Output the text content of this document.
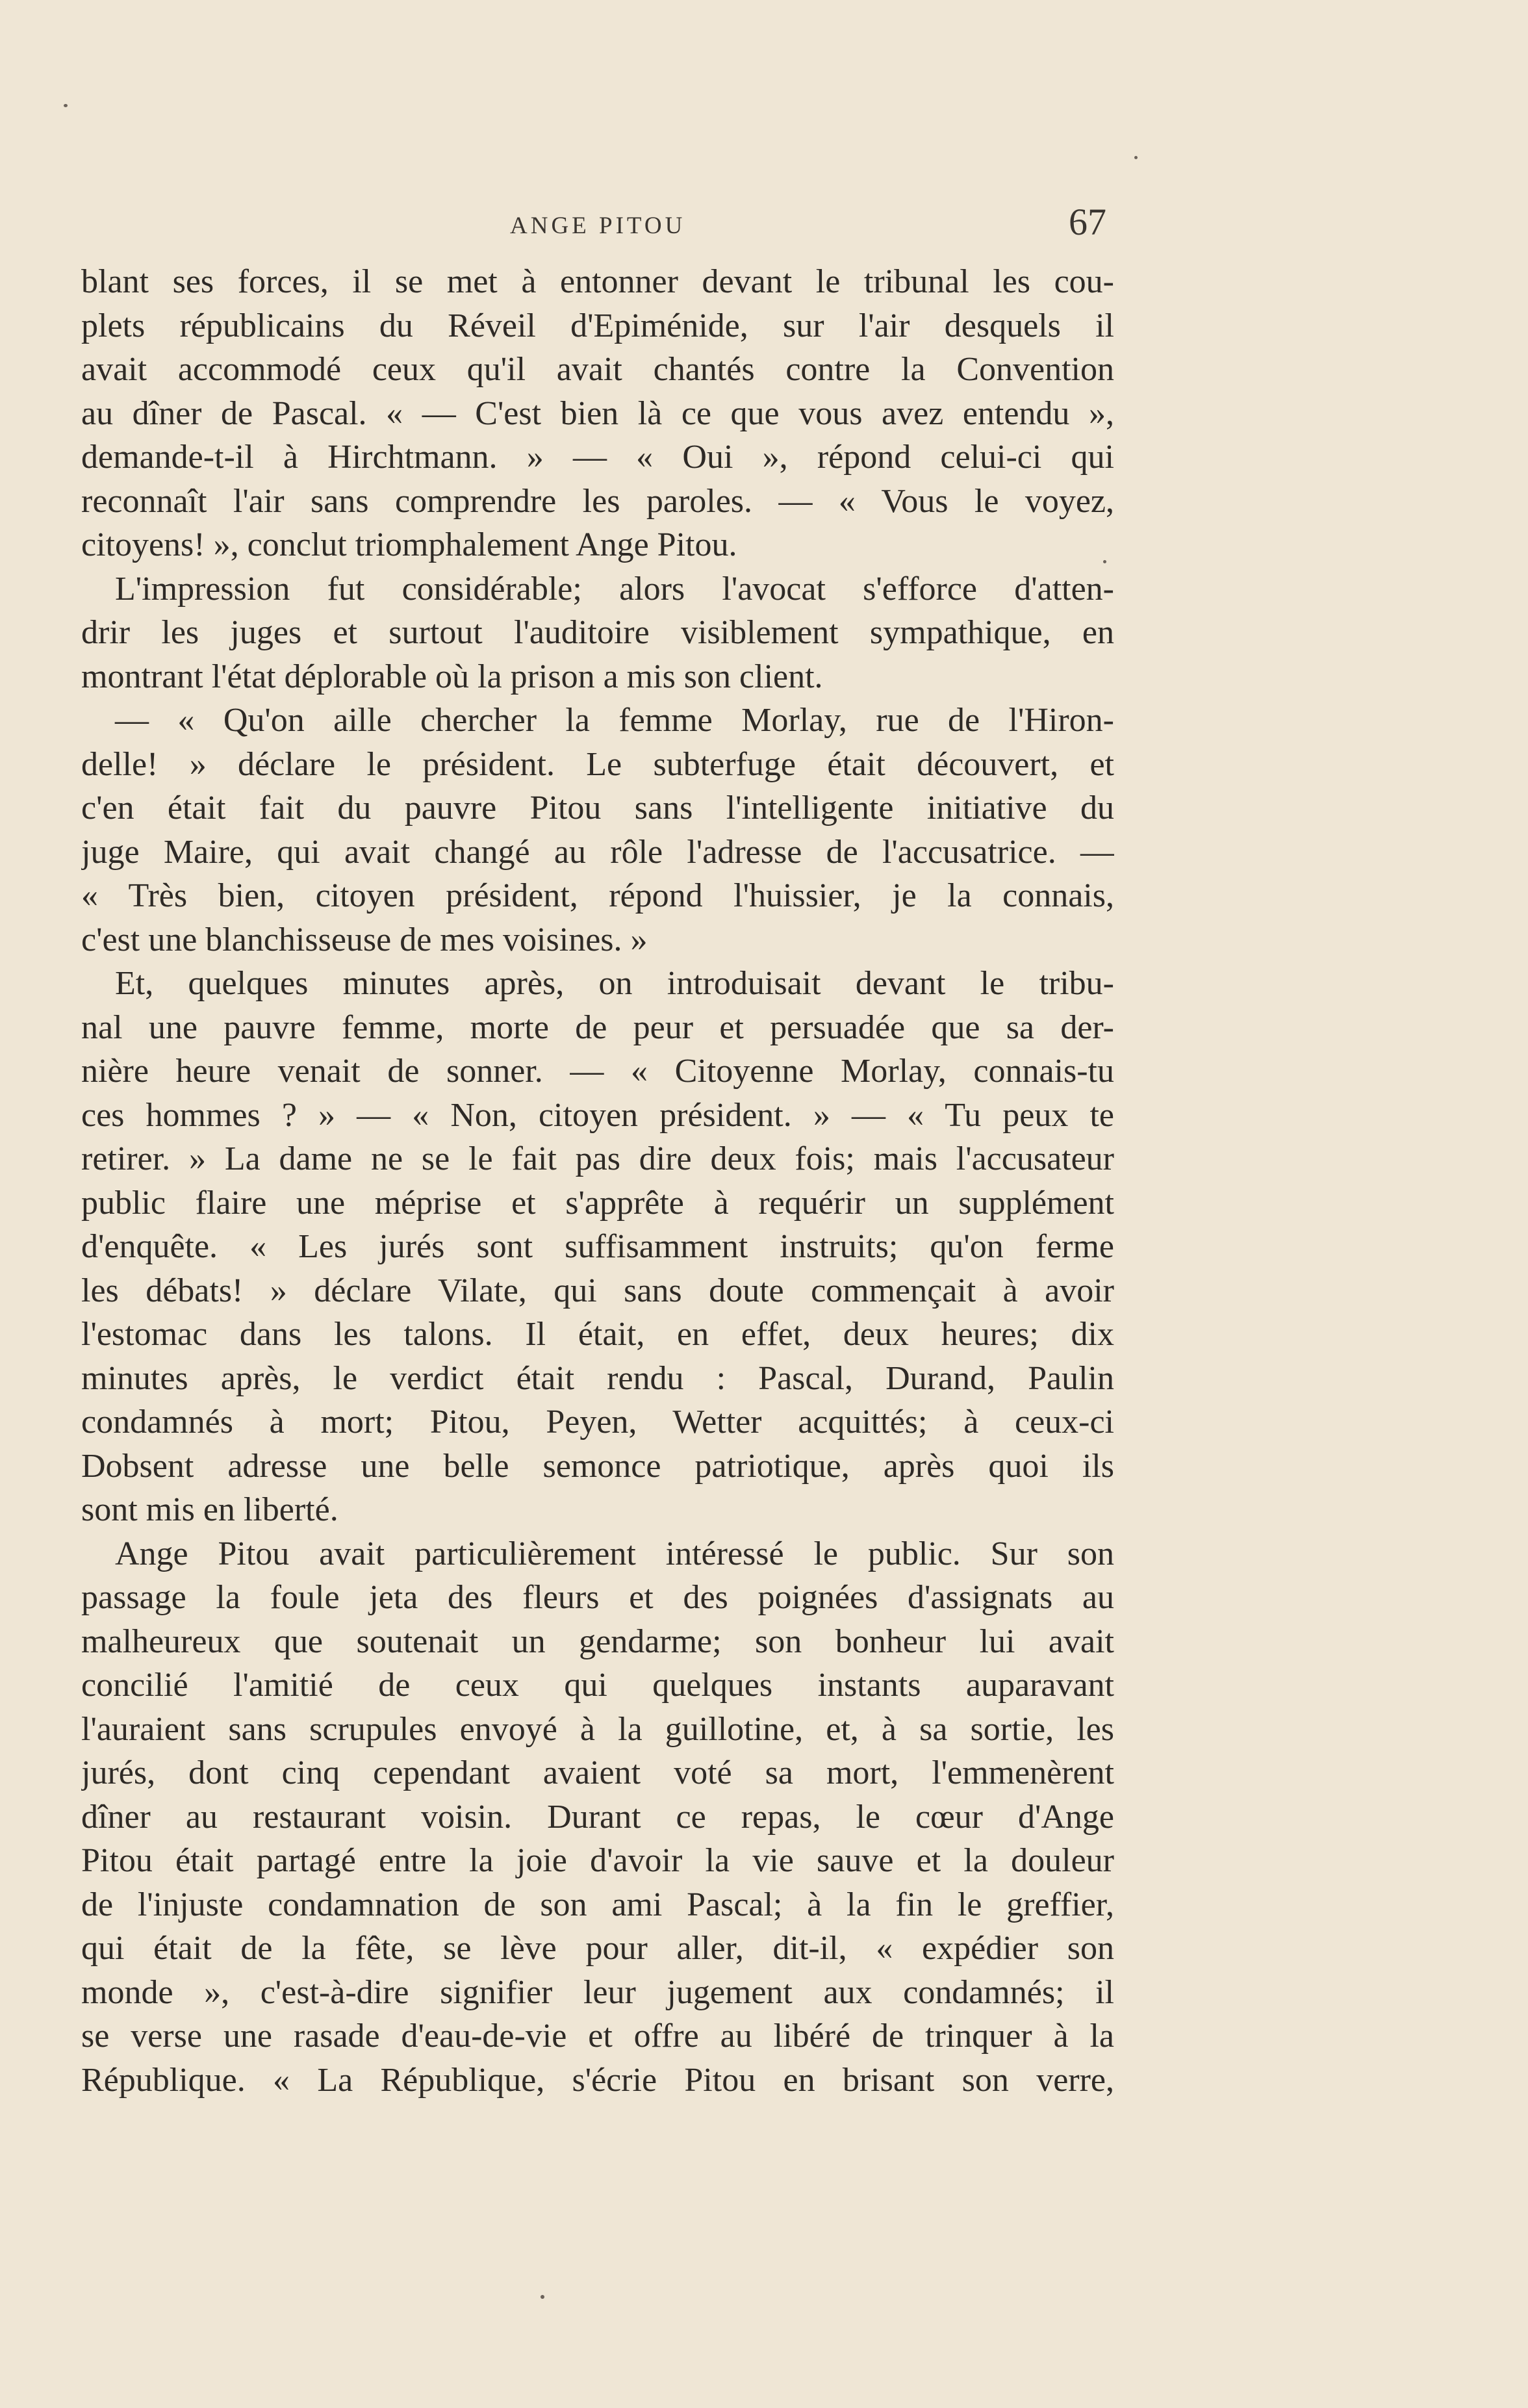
ANGE PITOU	67
blant ses forces, il se met à entonner devant le tribunal les cou-
plets républicains du Réveil d'Epiménide, sur l'air desquels il
avait accommodé ceux qu'il avait chantés contre la Convention
au dîner de Pascal. « — C'est bien là ce que vous avez entendu »,
demande-t-il à Hirchtmann. » — « Oui », répond celui-ci qui
reconnaît l'air sans comprendre les paroles. — « Vous le voyez,
citoyens! », conclut triomphalement Ange Pitou.
L'impression fut considérable; alors l'avocat s'efforce d'atten-
drir les juges et surtout l'auditoire visiblement sympathique, en
montrant l'état déplorable où la prison a mis son client.
— « Qu'on aille chercher la femme Morlay, rue de l'Hiron-
delle! » déclare le président. Le subterfuge était découvert, et
c'en était fait du pauvre Pitou sans l'intelligente initiative du
juge Maire, qui avait changé au rôle l'adresse de l'accusatrice. —
« Très bien, citoyen président, répond l'huissier, je la connais,
c'est une blanchisseuse de mes voisines. »
Et, quelques minutes après, on introduisait devant le tribu-
nal une pauvre femme, morte de peur et persuadée que sa der-
nière heure venait de sonner. — « Citoyenne Morlay, connais-tu
ces hommes ? » — « Non, citoyen président. » — « Tu peux te
retirer. » La dame ne se le fait pas dire deux fois; mais l'accusateur
public flaire une méprise et s'apprête à requérir un supplément
d'enquête. « Les jurés sont suffisamment instruits; qu'on ferme
les débats! » déclare Vilate, qui sans doute commençait à avoir
l'estomac dans les talons. Il était, en effet, deux heures; dix
minutes après, le verdict était rendu : Pascal, Durand, Paulin
condamnés à mort; Pitou, Peyen, Wetter acquittés; à ceux-ci
Dobsent adresse une belle semonce patriotique, après quoi ils
sont mis en liberté.
Ange Pitou avait particulièrement intéressé le public. Sur son
passage la foule jeta des fleurs et des poignées d'assignats au
malheureux que soutenait un gendarme; son bonheur lui avait
concilié l'amitié de ceux qui quelques instants auparavant
l'auraient sans scrupules envoyé à la guillotine, et, à sa sortie, les
jurés, dont cinq cependant avaient voté sa mort, l'emmenèrent
dîner au restaurant voisin. Durant ce repas, le cœur d'Ange
Pitou était partagé entre la joie d'avoir la vie sauve et la douleur
de l'injuste condamnation de son ami Pascal; à la fin le greffier,
qui était de la fête, se lève pour aller, dit-il, « expédier son
monde », c'est-à-dire signifier leur jugement aux condamnés; il
se verse une rasade d'eau-de-vie et offre au libéré de trinquer à la
République. « La République, s'écrie Pitou en brisant son verre,
